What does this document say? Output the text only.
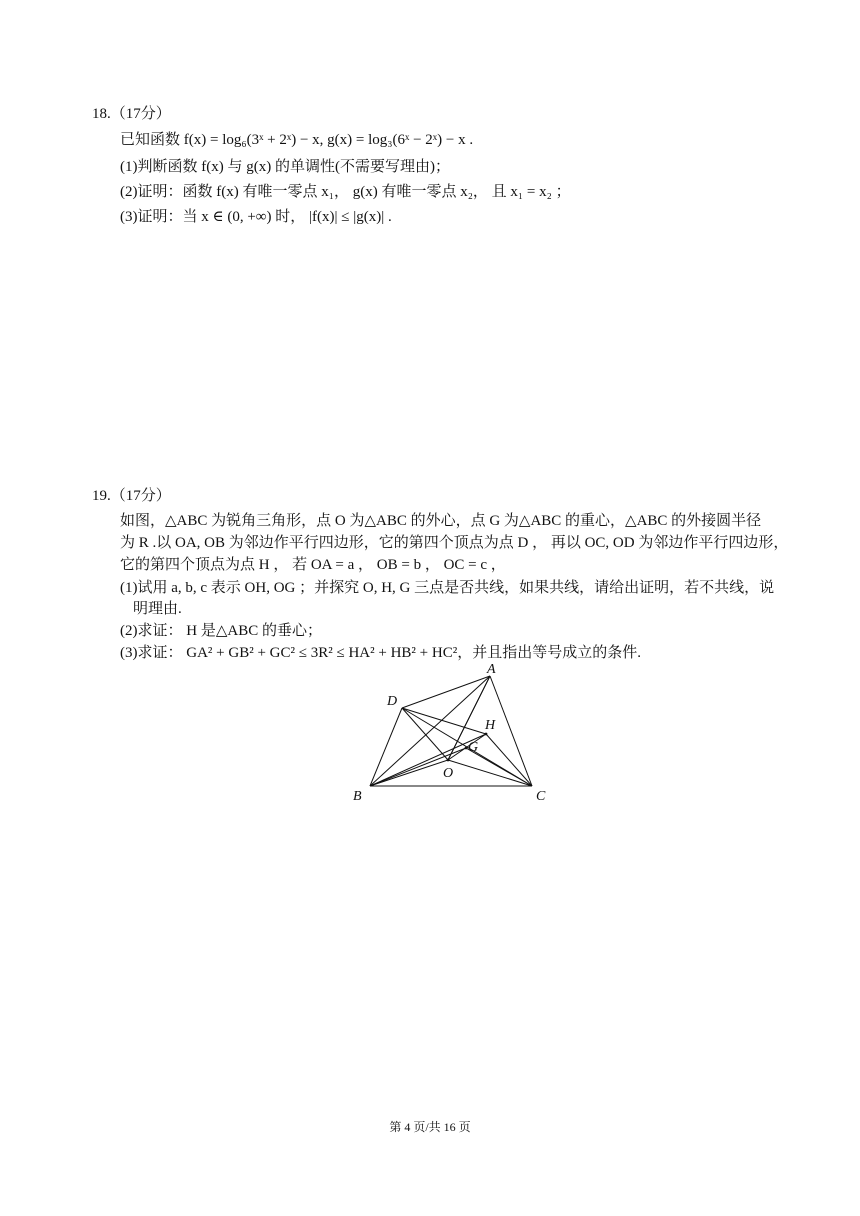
18.（17分）
已知函数 f(x) = log₆(3ˣ + 2ˣ) − x, g(x) = log₃(6ˣ − 2ˣ) − x .
(1)判断函数 f(x) 与 g(x) 的单调性(不需要写理由)；
(2)证明：函数 f(x) 有唯一零点 x₁， g(x) 有唯一零点 x₂， 且 x₁ = x₂ ；
(3)证明：当 x ∈ (0, +∞) 时， |f(x)| ≤ |g(x)| .
19.（17分）
如图，△ABC 为锐角三角形，点 O 为△ABC 的外心，点 G 为△ABC 的重心，△ABC 的外接圆半径
为 R .以 OA, OB 为邻边作平行四边形，它的第四个顶点为点 D ， 再以 OC, OD 为邻边作平行四边形，
它的第四个顶点为点 H ， 若 OA = a ， OB = b ， OC = c ，
(1)试用 a, b, c 表示 OH, OG ；并探究 O, H, G 三点是否共线，如果共线，请给出证明，若不共线，说
明理由.
(2)求证： H 是△ABC 的垂心；
(3)求证： GA² + GB² + GC² ≤ 3R² ≤ HA² + HB² + HC²，并且指出等号成立的条件.
A
B	C
D
H
G
O
第 4 页/共 16 页
